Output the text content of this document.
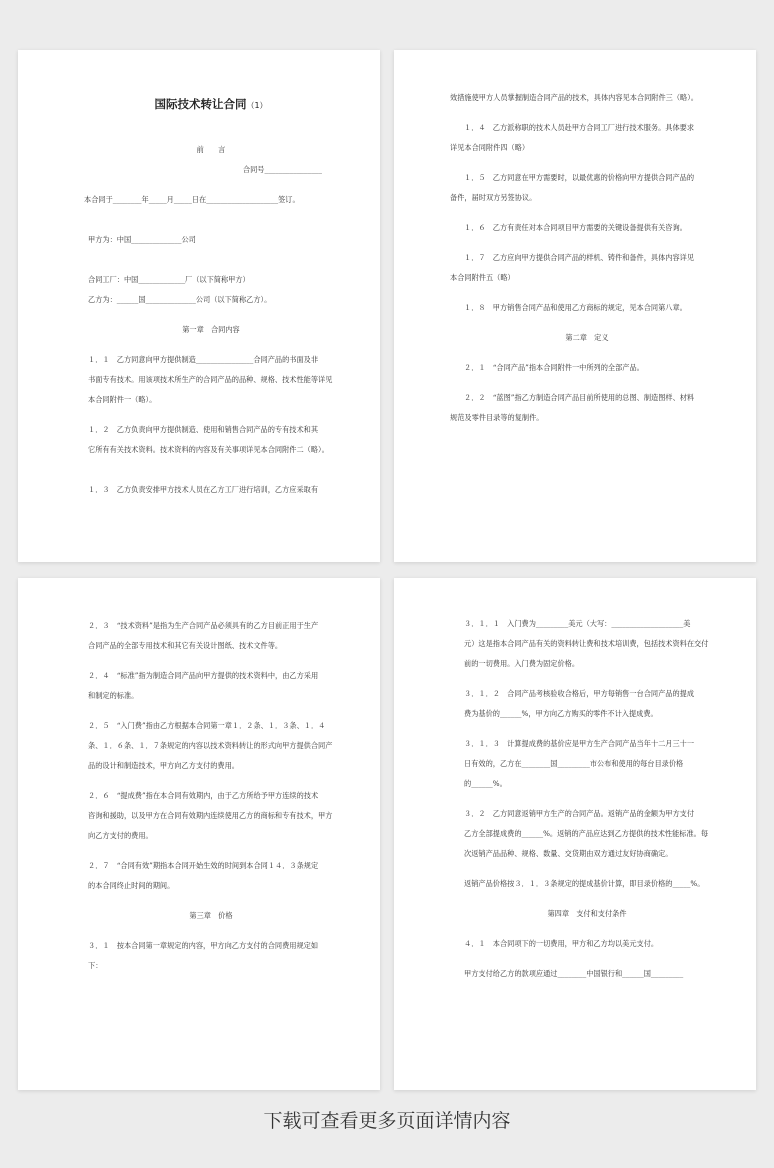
国际技术转让合同（1）
前　　言
合同号________________
本合同于________年_____月_____日在____________________签订。
甲方为：中国______________公司
合同工厂：中国_____________厂（以下简称甲方）
乙方为：______国______________公司（以下简称乙方）。
第一章　合同内容
１．１　乙方同意向甲方提供制造________________合同产品的书面及非
书面专有技术。用该项技术所生产的合同产品的品种、规格、技术性能等详见
本合同附件一（略）。
１．２　乙方负责向甲方提供制造、使用和销售合同产品的专有技术和其
它所有有关技术资料。技术资料的内容及有关事项详见本合同附件二（略）。
１．３　乙方负责安排甲方技术人员在乙方工厂进行培训，乙方应采取有
效措施使甲方人员掌握制造合同产品的技术，具体内容见本合同附件三（略）。
１．４　乙方派称职的技术人员赴甲方合同工厂进行技术服务。具体要求
详见本合同附件四（略）
１．５　乙方同意在甲方需要时，以最优惠的价格向甲方提供合同产品的
备件，届时双方另签协议。
１．６　乙方有责任对本合同项目甲方需要的关键设备提供有关咨询。
１．７　乙方应向甲方提供合同产品的样机、铸件和备件，具体内容详见
本合同附件五（略）
１．８　甲方销售合同产品和使用乙方商标的规定，见本合同第八章。
第二章　定义
２．１　“合同产品”指本合同附件一中所列的全部产品。
２．２　“蓝图”指乙方制造合同产品目前所使用的总图、制造图样、材料
规范及零件目录等的复制件。
２．３　“技术资料”是指为生产合同产品必须具有的乙方目前正用于生产
合同产品的全部专用技术和其它有关设计图纸、技术文件等。
２．４　“标准”指为制造合同产品向甲方提供的技术资料中，由乙方采用
和制定的标准。
２．５　“入门费”指由乙方根据本合同第一章１．２条、１．３条、１．４
条、１．６条、１．７条规定的内容以技术资料转让的形式向甲方提供合同产
品的设计和制造技术，甲方向乙方支付的费用。
２．６　“提成费”指在本合同有效期内，由于乙方所给予甲方连续的技术
咨询和援助，以及甲方在合同有效期内连续使用乙方的商标和专有技术，甲方
向乙方支付的费用。
２．７　“合同有效”期指本合同开始生效的时间到本合同１４．３条规定
的本合同终止时间的期间。
第三章　价格
３．１　按本合同第一章规定的内容，甲方向乙方支付的合同费用规定如
下：
３．１．１　入门费为_________美元（大写：____________________美
元）这是指本合同产品有关的资料转让费和技术培训费，包括技术资料在交付
前的一切费用。入门费为固定价格。
３．１．２　合同产品考核验收合格后，甲方每销售一台合同产品的提成
费为基价的______%，甲方向乙方购买的零件不计入提成费。
３．１．３　计算提成费的基价应是甲方生产合同产品当年十二月三十一
日有效的，乙方在________国_________市公布和使用的每台目录价格
的______%。
３．２　乙方同意返销甲方生产的合同产品。返销产品的金额为甲方支付
乙方全部提成费的______%。返销的产品应达到乙方提供的技术性能标准。每
次返销产品品种、规格、数量、交货期由双方通过友好协商确定。
返销产品价格按３．１．３条规定的提成基价计算，即目录价格的_____%。
第四章　支付和支付条件
４．１　本合同项下的一切费用，甲方和乙方均以美元支付。
甲方支付给乙方的款项应通过________中国银行和______国_________
下载可查看更多页面详情内容
